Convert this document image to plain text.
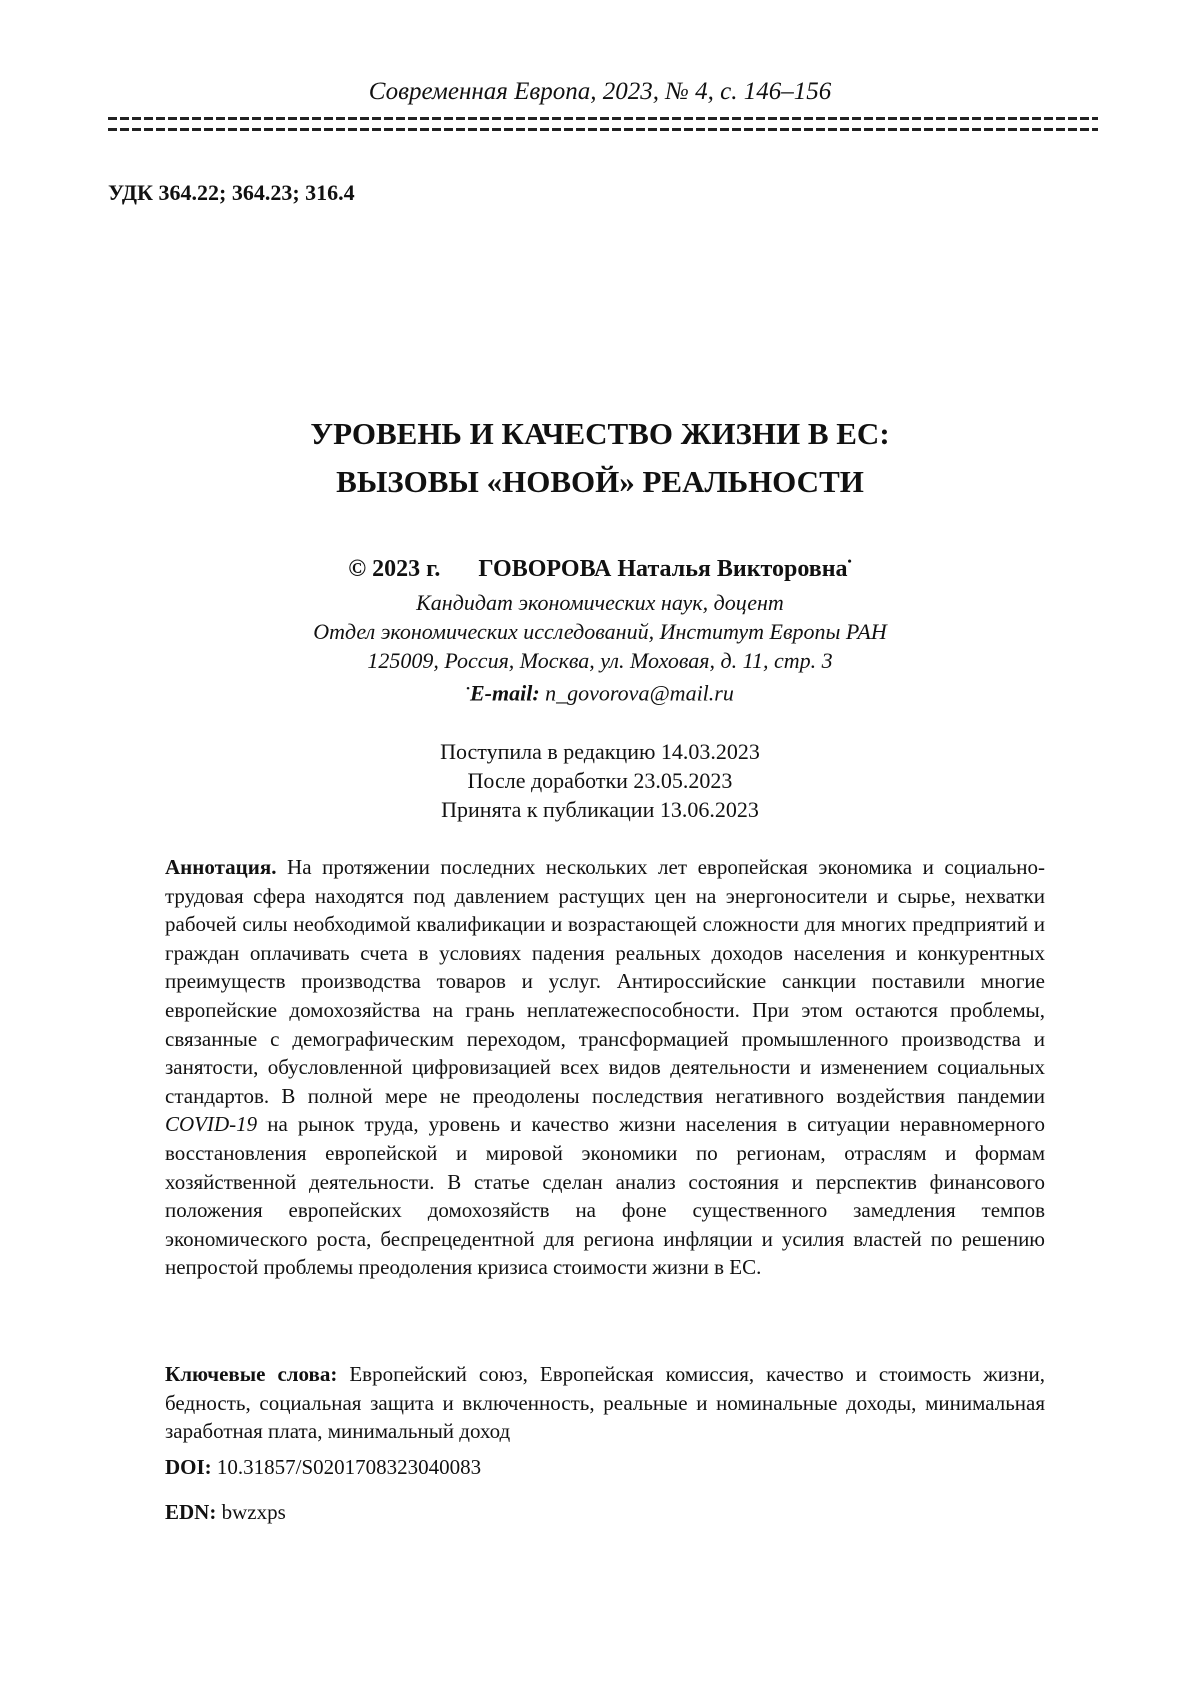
Современная Европа, 2023, № 4, с. 146–156
УДК 364.22; 364.23; 316.4
УРОВЕНЬ И КАЧЕСТВО ЖИЗНИ В ЕС:
ВЫЗОВЫ «НОВОЙ» РЕАЛЬНОСТИ
© 2023 г. ГОВОРОВА Наталья Викторовна•
Кандидат экономических наук, доцент
Отдел экономических исследований, Институт Европы РАН
125009, Россия, Москва, ул. Моховая, д. 11, стр. 3
•E-mail: n_govorova@mail.ru
Поступила в редакцию 14.03.2023
После доработки 23.05.2023
Принята к публикации 13.06.2023
Аннотация. На протяжении последних нескольких лет европейская экономика и социально-трудовая сфера находятся под давлением растущих цен на энергоносители и сырье, нехватки рабочей силы необходимой квалификации и возрастающей сложности для многих предприятий и граждан оплачивать счета в условиях падения реальных доходов населения и конкурентных преимуществ производства товаров и услуг. Антироссийские санкции поставили многие европейские домохозяйства на грань неплатежеспособности. При этом остаются проблемы, связанные с демографическим переходом, трансформацией промышленного производства и занятости, обусловленной цифровизацией всех видов деятельности и изменением социальных стандартов. В полной мере не преодолены последствия негативного воздействия пандемии COVID-19 на рынок труда, уровень и качество жизни населения в ситуации неравномерного восстановления европейской и мировой экономики по регионам, отраслям и формам хозяйственной деятельности. В статье сделан анализ состояния и перспектив финансового положения европейских домохозяйств на фоне существенного замедления темпов экономического роста, беспрецедентной для региона инфляции и усилия властей по решению непростой проблемы преодоления кризиса стоимости жизни в ЕС.
Ключевые слова: Европейский союз, Европейская комиссия, качество и стоимость жизни, бедность, социальная защита и включенность, реальные и номинальные доходы, минимальная заработная плата, минимальный доход
DOI: 10.31857/S0201708323040083
EDN: bwzxps
